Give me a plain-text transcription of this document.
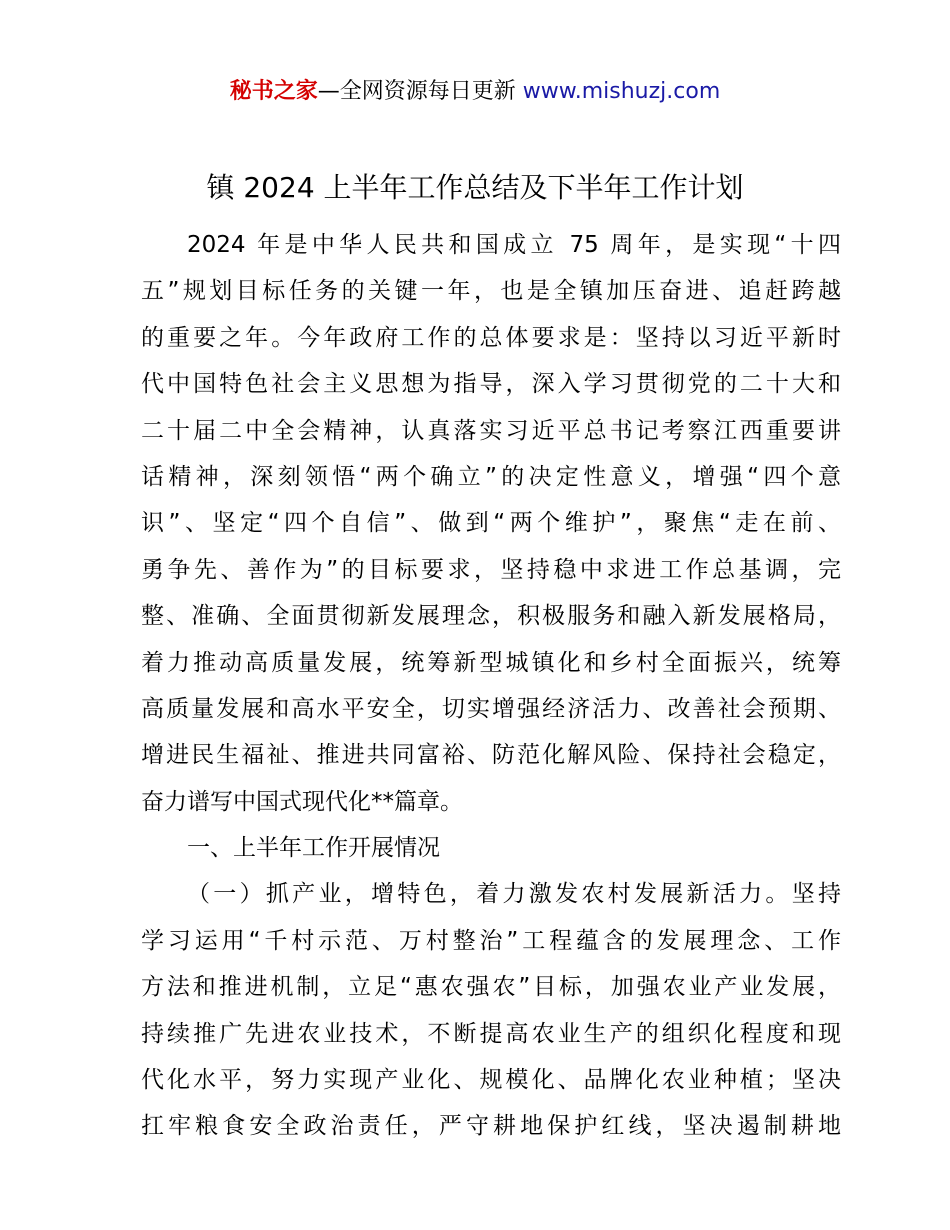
秘书之家—全网资源每日更新 www.mishuzj.com
镇 2024 上半年工作总结及下半年工作计划
2024 年是中华人民共和国成立 75 周年，是实现“十四
五”规划目标任务的关键一年，也是全镇加压奋进、追赶跨越
的重要之年。今年政府工作的总体要求是：坚持以习近平新时
代中国特色社会主义思想为指导，深入学习贯彻党的二十大和
二十届二中全会精神，认真落实习近平总书记考察江西重要讲
话精神，深刻领悟“两个确立”的决定性意义，增强“四个意
识”、坚定“四个自信”、做到“两个维护”，聚焦“走在前、
勇争先、善作为”的目标要求，坚持稳中求进工作总基调，完
整、准确、全面贯彻新发展理念，积极服务和融入新发展格局，
着力推动高质量发展，统筹新型城镇化和乡村全面振兴，统筹
高质量发展和高水平安全，切实增强经济活力、改善社会预期、
增进民生福祉、推进共同富裕、防范化解风险、保持社会稳定，
奋力谱写中国式现代化**篇章。
一、上半年工作开展情况
（一）抓产业，增特色，着力激发农村发展新活力。坚持
学习运用“千村示范、万村整治”工程蕴含的发展理念、工作
方法和推进机制，立足“惠农强农”目标，加强农业产业发展，
持续推广先进农业技术，不断提高农业生产的组织化程度和现
代化水平，努力实现产业化、规模化、品牌化农业种植；坚决
扛牢粮食安全政治责任，严守耕地保护红线，坚决遏制耕地
